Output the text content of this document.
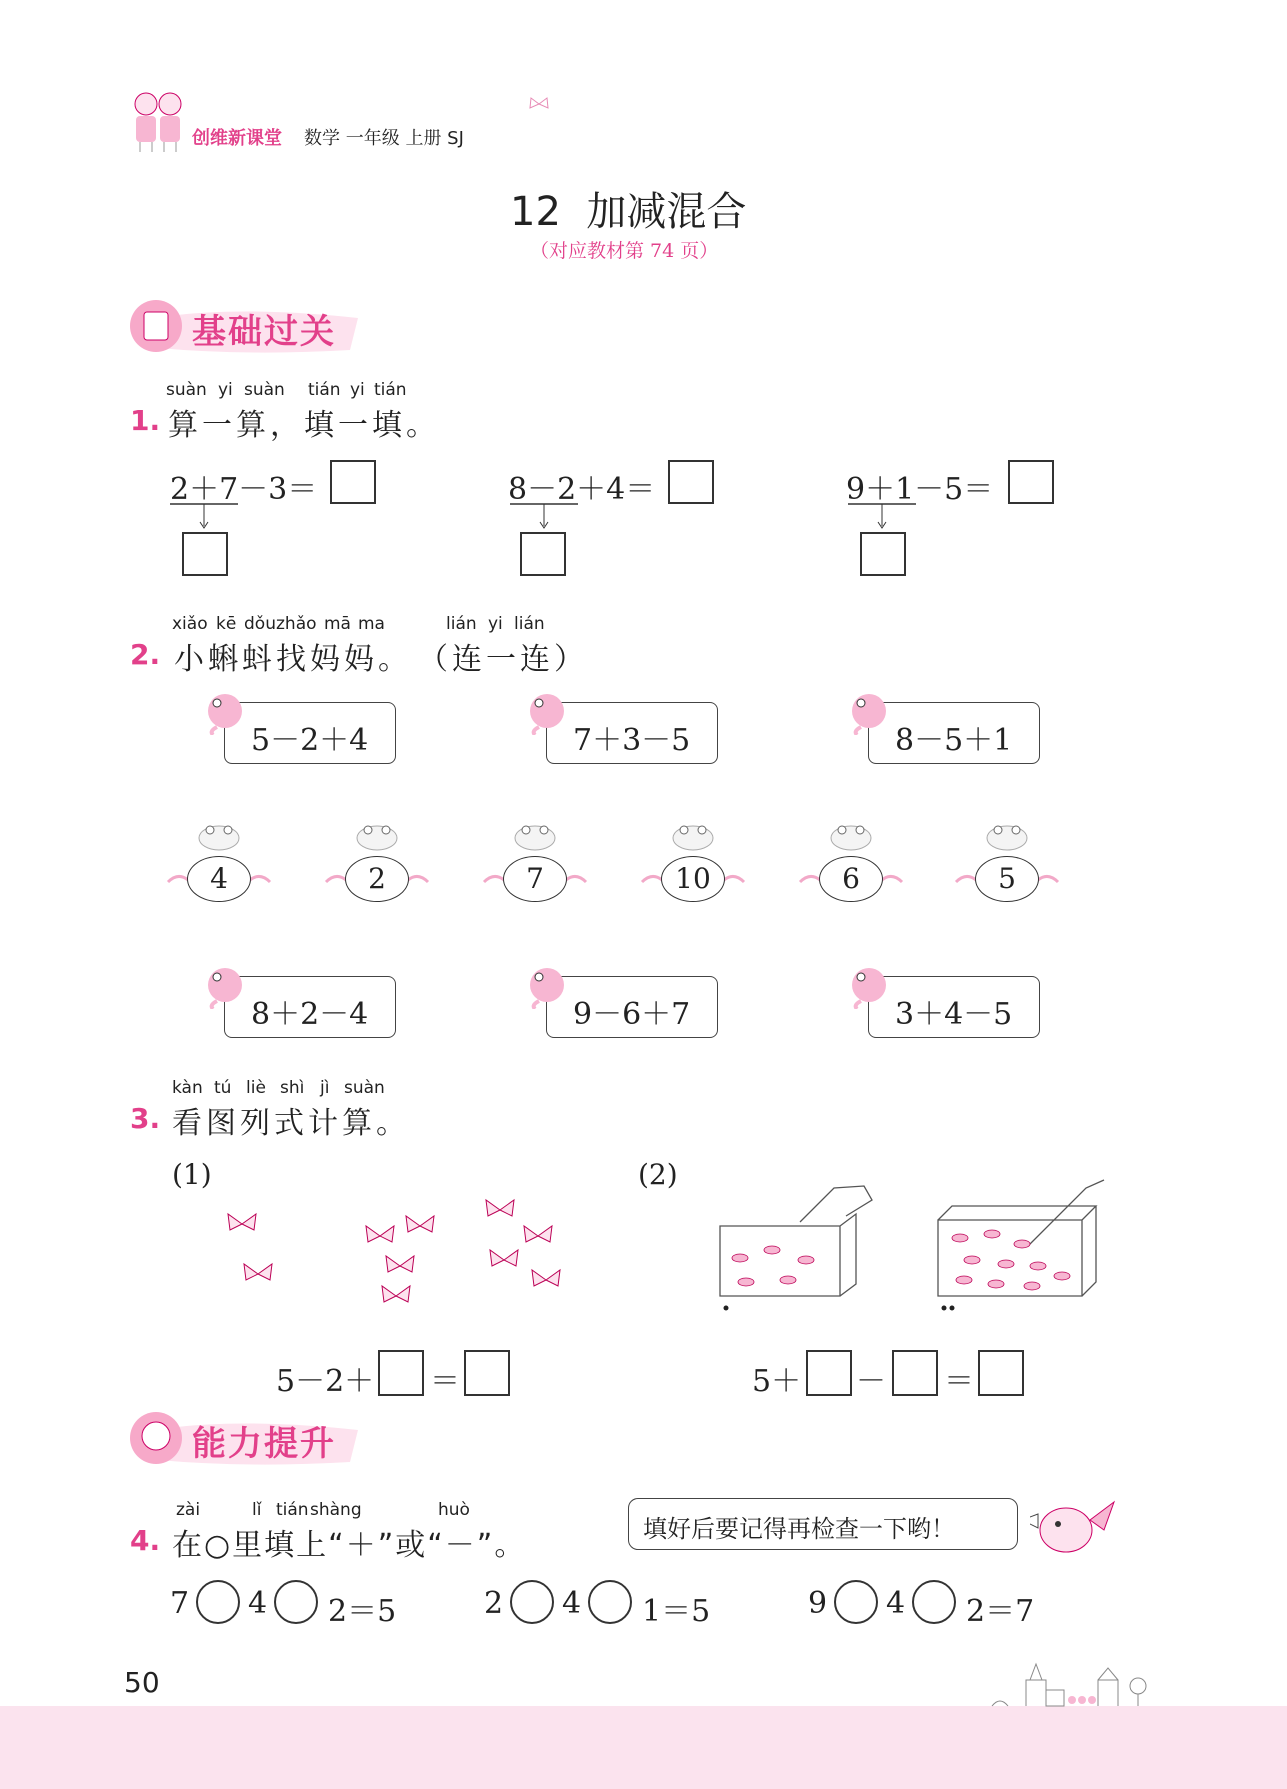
创维新课堂 数学 一年级 上册 SJ
12  加减混合
（对应教材第 74 页）
基础过关
suàn yi suàn tián yi tián
1. 算一算，填一填。
2＋7－3＝	8－2＋4＝	9＋1－5＝
xiǎo kē dǒu zhǎo mā ma	lián yi lián
2. 小蝌蚪找妈妈。 （连一连）
5－2＋4	7＋3－5	8－5＋1
4	2	7	10	6	5
8＋2－4	9－6＋7	3＋4－5
kàn tú liè shì jì suàn
3. 看图列式计算。
(1)	(2)
5－2＋ ＝	5＋ － ＝
能力提升
zài	lǐ tián shàng	huò
4. 在○里填上“＋”或“－”。	填好后要记得再检查一下哟！
7 4 2＝5	2 4 1＝5	9 4 2＝7
50
